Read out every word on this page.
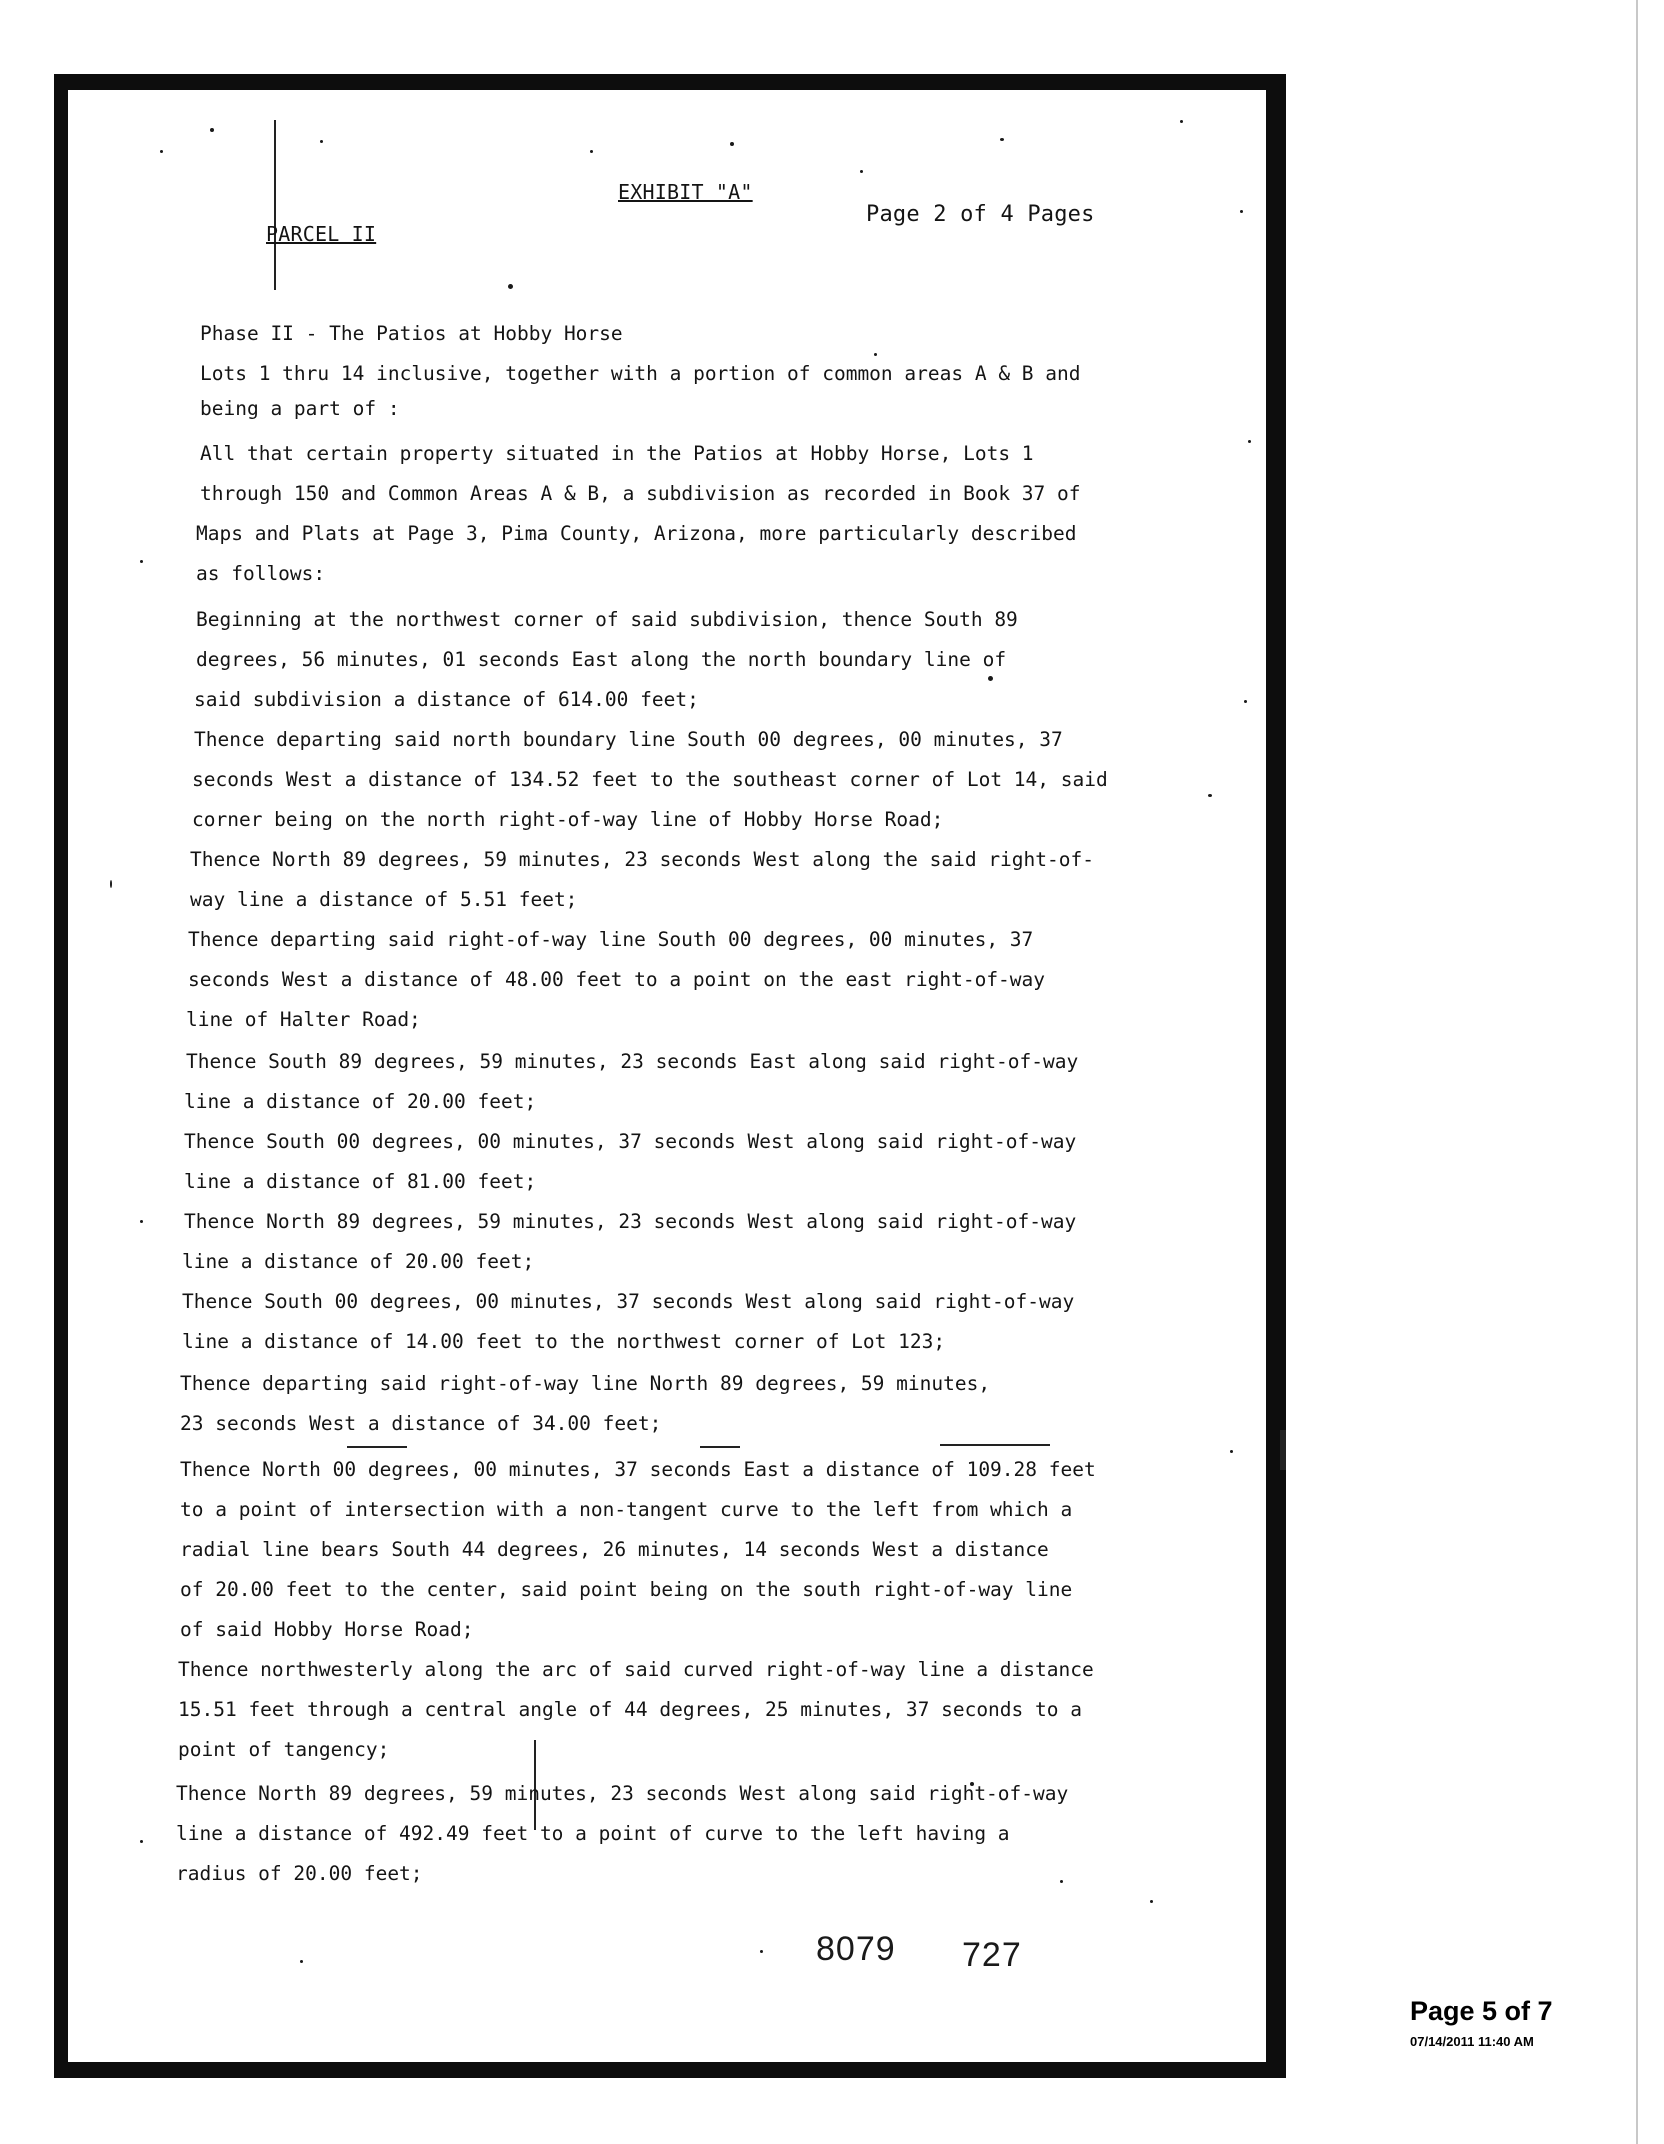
EXHIBIT "A"
Page 2 of 4 Pages
PARCEL II
Phase II - The Patios at Hobby Horse
Lots 1 thru 14 inclusive, together with a portion of common areas A & B and
being a part of :
All that certain property situated in the Patios at Hobby Horse, Lots 1
through 150 and Common Areas A & B, a subdivision as recorded in Book 37 of
Maps and Plats at Page 3, Pima County, Arizona, more particularly described
as follows:
Beginning at the northwest corner of said subdivision, thence South 89
degrees, 56 minutes, 01 seconds East along the north boundary line of
said subdivision a distance of 614.00 feet;
Thence departing said north boundary line South 00 degrees, 00 minutes, 37
seconds West a distance of 134.52 feet to the southeast corner of Lot 14, said
corner being on the north right-of-way line of Hobby Horse Road;
Thence North 89 degrees, 59 minutes, 23 seconds West along the said right-of-
way line a distance of 5.51 feet;
Thence departing said right-of-way line South 00 degrees, 00 minutes, 37
seconds West a distance of 48.00 feet to a point on the east right-of-way
line of Halter Road;
Thence South 89 degrees, 59 minutes, 23 seconds East along said right-of-way
line a distance of 20.00 feet;
Thence South 00 degrees, 00 minutes, 37 seconds West along said right-of-way
line a distance of 81.00 feet;
Thence North 89 degrees, 59 minutes, 23 seconds West along said right-of-way
line a distance of 20.00 feet;
Thence South 00 degrees, 00 minutes, 37 seconds West along said right-of-way
line a distance of 14.00 feet to the northwest corner of Lot 123;
Thence departing said right-of-way line North 89 degrees, 59 minutes,
23 seconds West a distance of 34.00 feet;
Thence North 00 degrees, 00 minutes, 37 seconds East a distance of 109.28 feet
to a point of intersection with a non-tangent curve to the left from which a
radial line bears South 44 degrees, 26 minutes, 14 seconds West a distance
of 20.00 feet to the center, said point being on the south right-of-way line
of said Hobby Horse Road;
Thence northwesterly along the arc of said curved right-of-way line a distance
15.51 feet through a central angle of 44 degrees, 25 minutes, 37 seconds to a
point of tangency;
Thence North 89 degrees, 59 minutes, 23 seconds West along said right-of-way
line a distance of 492.49 feet to a point of curve to the left having a
radius of 20.00 feet;
8079 727
Page 5 of 7
07/14/2011 11:40 AM
